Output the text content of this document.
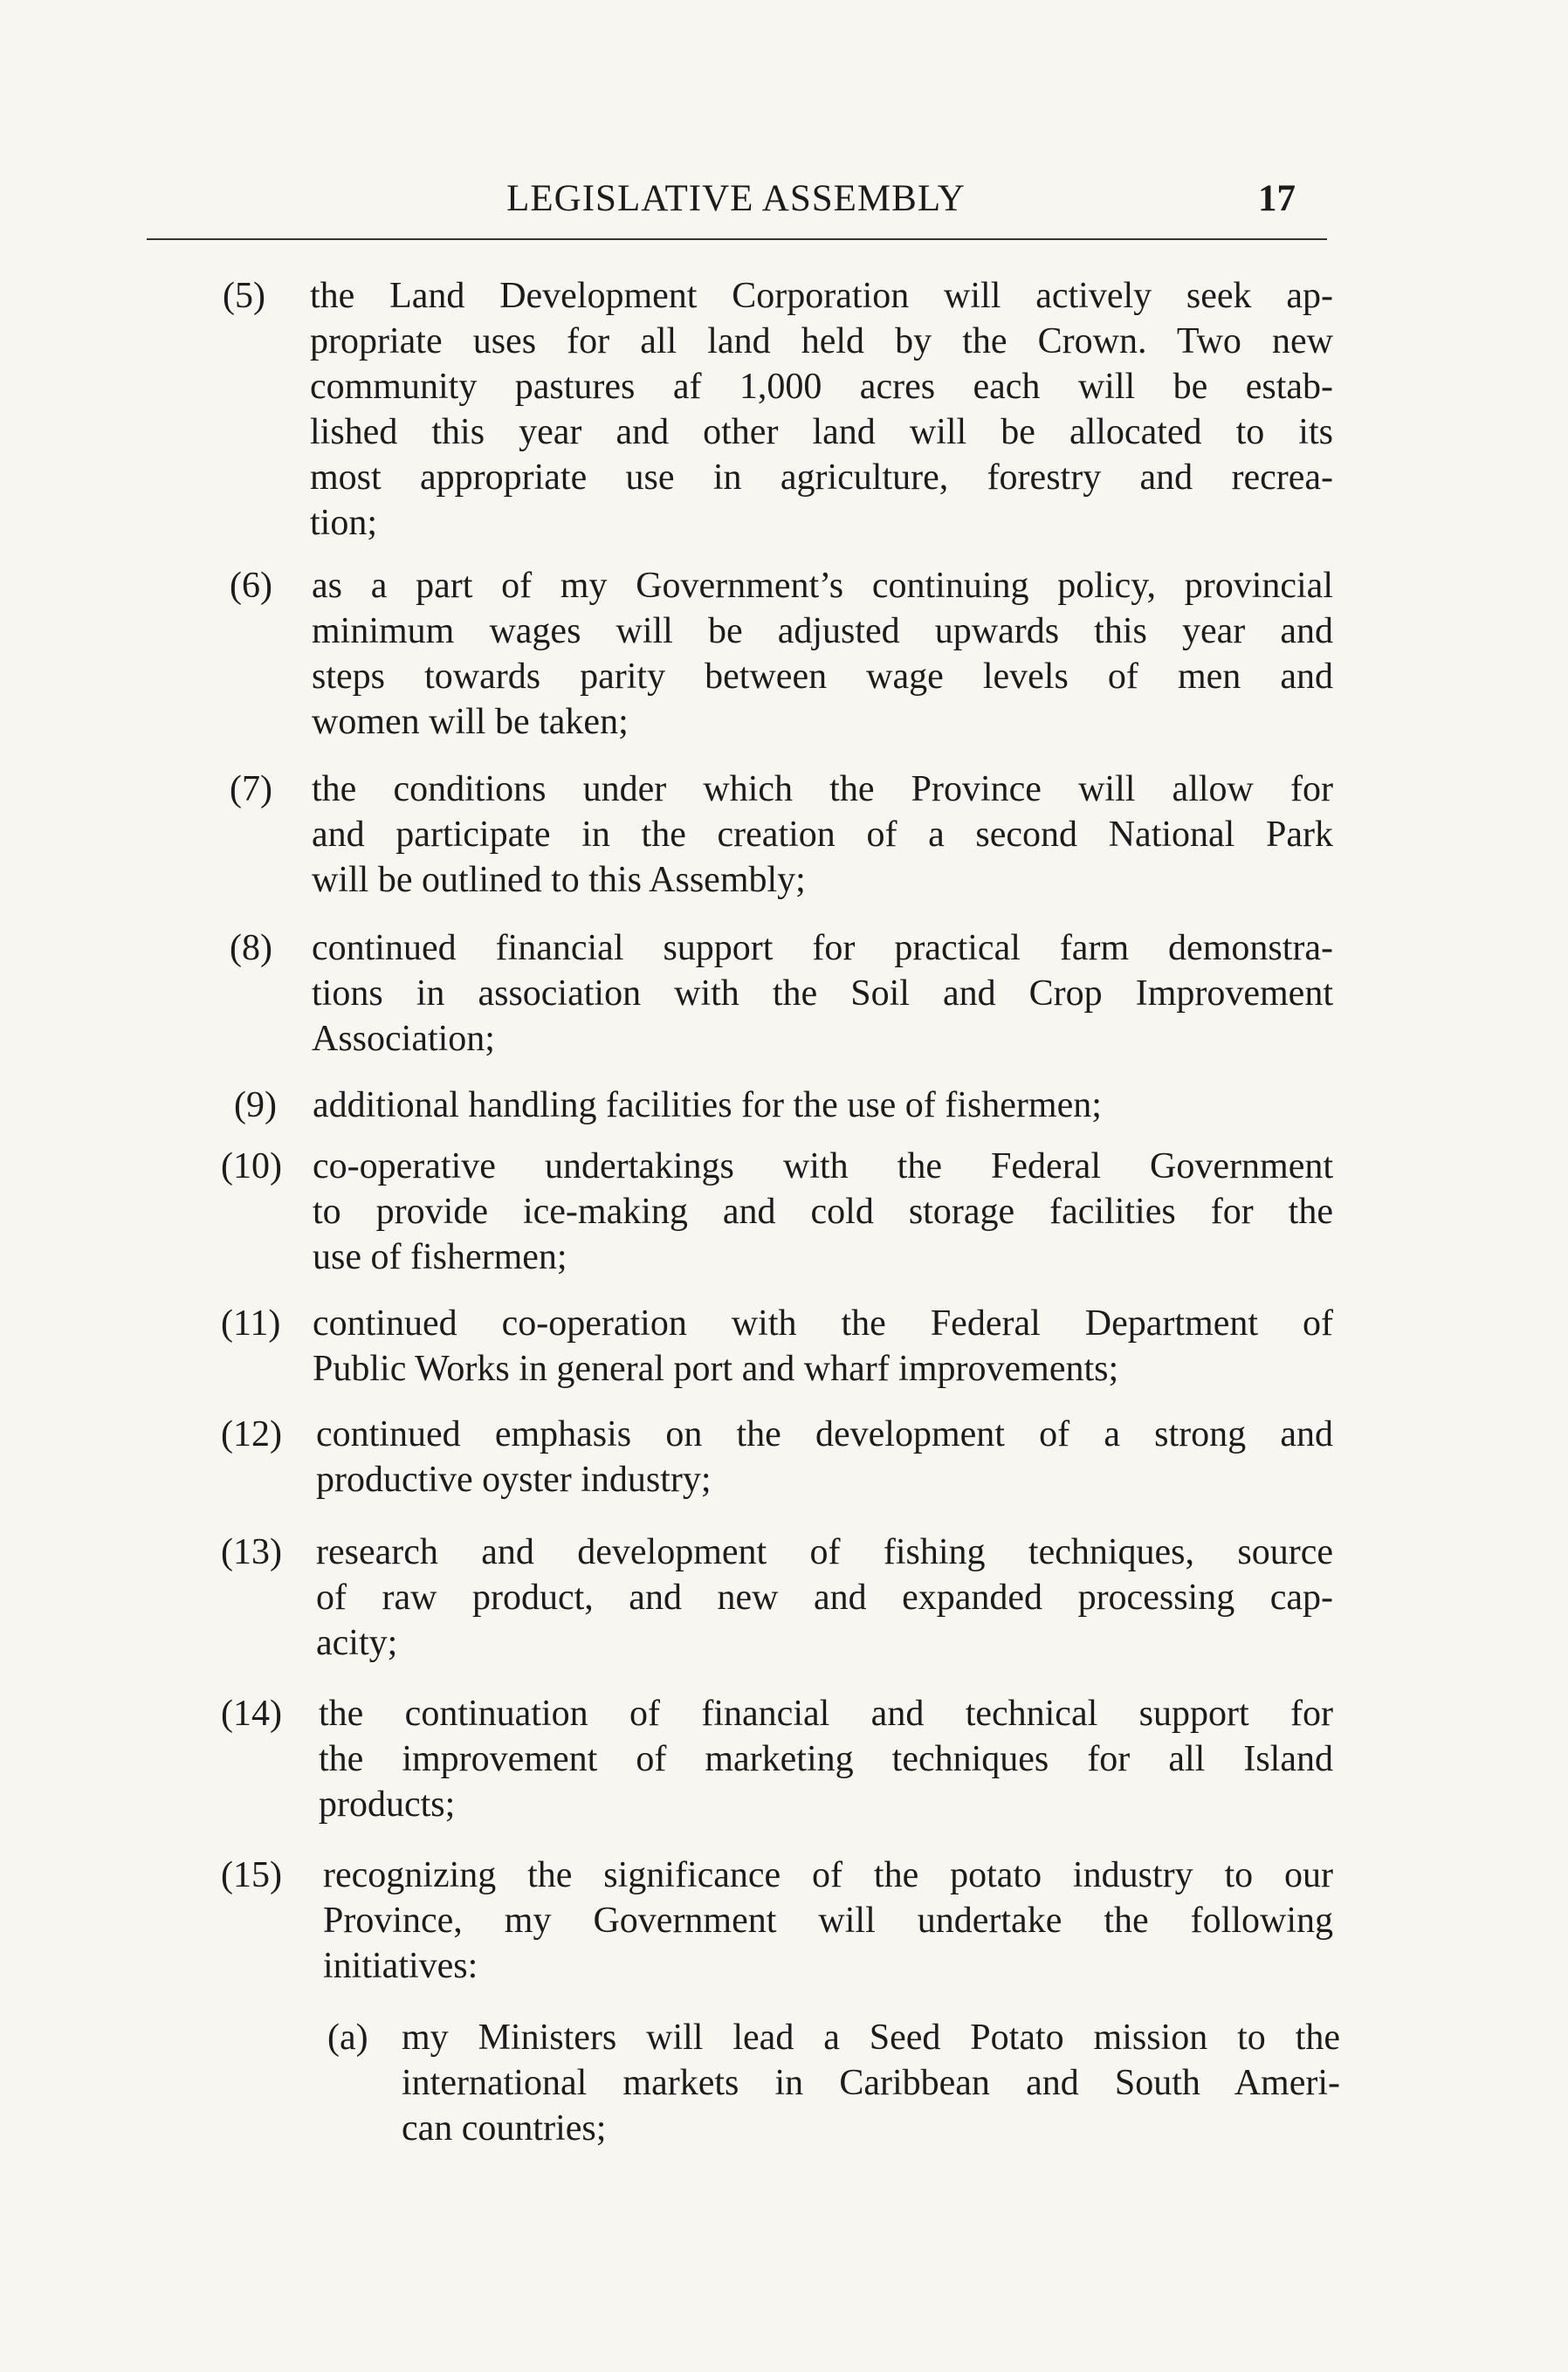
LEGISLATIVE ASSEMBLY	17
(5) the Land Development Corporation will actively seek ap-
propriate uses for all land held by the Crown. Two new
community pastures af 1,000 acres each will be estab-
lished this year and other land will be allocated to its
most appropriate use in agriculture, forestry and recrea-
tion;
(6) as a part of my Government’s continuing policy, provincial
minimum wages will be adjusted upwards this year and
steps towards parity between wage levels of men and
women will be taken;
(7) the conditions under which the Province will allow for
and participate in the creation of a second National Park
will be outlined to this Assembly;
(8) continued financial support for practical farm demonstra-
tions in association with the Soil and Crop Improvement
Association;
(9) additional handling facilities for the use of fishermen;
(10) co-operative undertakings with the Federal Government
to provide ice-making and cold storage facilities for the
use of fishermen;
(11) continued co-operation with the Federal Department of
Public Works in general port and wharf improvements;
(12) continued emphasis on the development of a strong and
productive oyster industry;
(13) research and development of fishing techniques, source
of raw product, and new and expanded processing cap-
acity;
(14) the continuation of financial and technical support for
the improvement of marketing techniques for all Island
products;
(15) recognizing the significance of the potato industry to our
Province, my Government will undertake the following
initiatives:
(a) my Ministers will lead a Seed Potato mission to the
international markets in Caribbean and South Ameri-
can countries;
